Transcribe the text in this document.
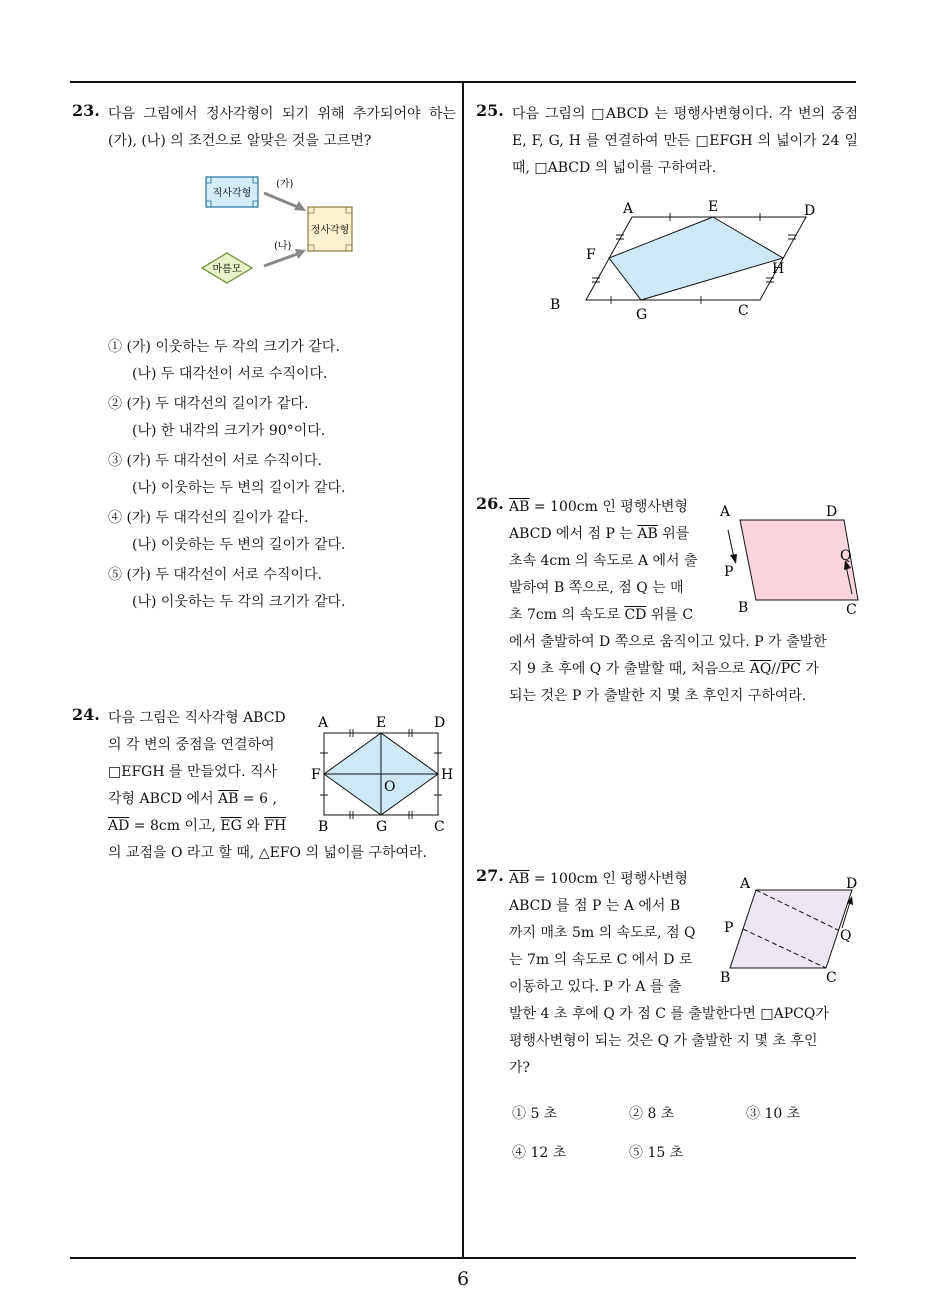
23. 다음 그림에서 정사각형이 되기 위해 추가되어야 하는 (가), (나) 의 조건으로 알맞은 것을 고르면?
직사각형
정사각형
마름모
(가)
(나)
① (가) 이웃하는 두 각의 크기가 같다.
(나) 두 대각선이 서로 수직이다.
② (가) 두 대각선의 길이가 같다.
(나) 한 내각의 크기가 90°이다.
③ (가) 두 대각선이 서로 수직이다.
(나) 이웃하는 두 변의 길이가 같다.
④ (가) 두 대각선의 길이가 같다.
(나) 이웃하는 두 변의 길이가 같다.
⑤ (가) 두 대각선이 서로 수직이다.
(나) 이웃하는 두 각의 크기가 같다.
24. 다음 그림은 직사각형 ABCD
의 각 변의 중점을 연결하여
□EFGH 를 만들었다. 직사
각형 ABCD 에서 $\overline{AB} = 6$ ,
$\overline{AD} = 8cm$ 이고, $\overline{EG}$ 와 $\overline{FH}$
의 교점을 O 라고 할 때, △EFO 의 넓이를 구하여라.
A	E	D
F	H
O
B	G	C
25. 다음 그림의 □ABCD 는 평행사변형이다. 각 변의 중점 E, F, G, H 를 연결하여 만든 □EFGH 의 넓이가 24 일 때, □ABCD 의 넓이를 구하여라.
A	E	D
F
H
B
G	C
26. $\overline{AB} = 100cm$ 인 평행사변형
ABCD 에서 점 P 는 $\overline{AB}$ 위를
초속 4cm 의 속도로 A 에서 출
발하여 B 쪽으로, 점 Q 는 매
초 7cm 의 속도로 $\overline{CD}$ 위를 C
에서 출발하여 D 쪽으로 움직이고 있다. P 가 출발한
지 9 초 후에 Q 가 출발할 때, 처음으로 $\overline{AQ}//\overline{PC}$ 가
되는 것은 P 가 출발한 지 몇 초 후인지 구하여라.
A	D
P
Q
B	C
27. $\overline{AB} = 100cm$ 인 평행사변형
ABCD 를 점 P 는 A 에서 B
까지 매초 5m 의 속도로, 점 Q
는 7m 의 속도로 C 에서 D 로
이동하고 있다. P 가 A 를 출
발한 4 초 후에 Q 가 점 C 를 출발한다면 □APCQ가
평행사변형이 되는 것은 Q 가 출발한 지 몇 초 후인
가?
A	D
P	Q
B	C
① 5 초	② 8 초	③ 10 초
④ 12 초	⑤ 15 초
6
